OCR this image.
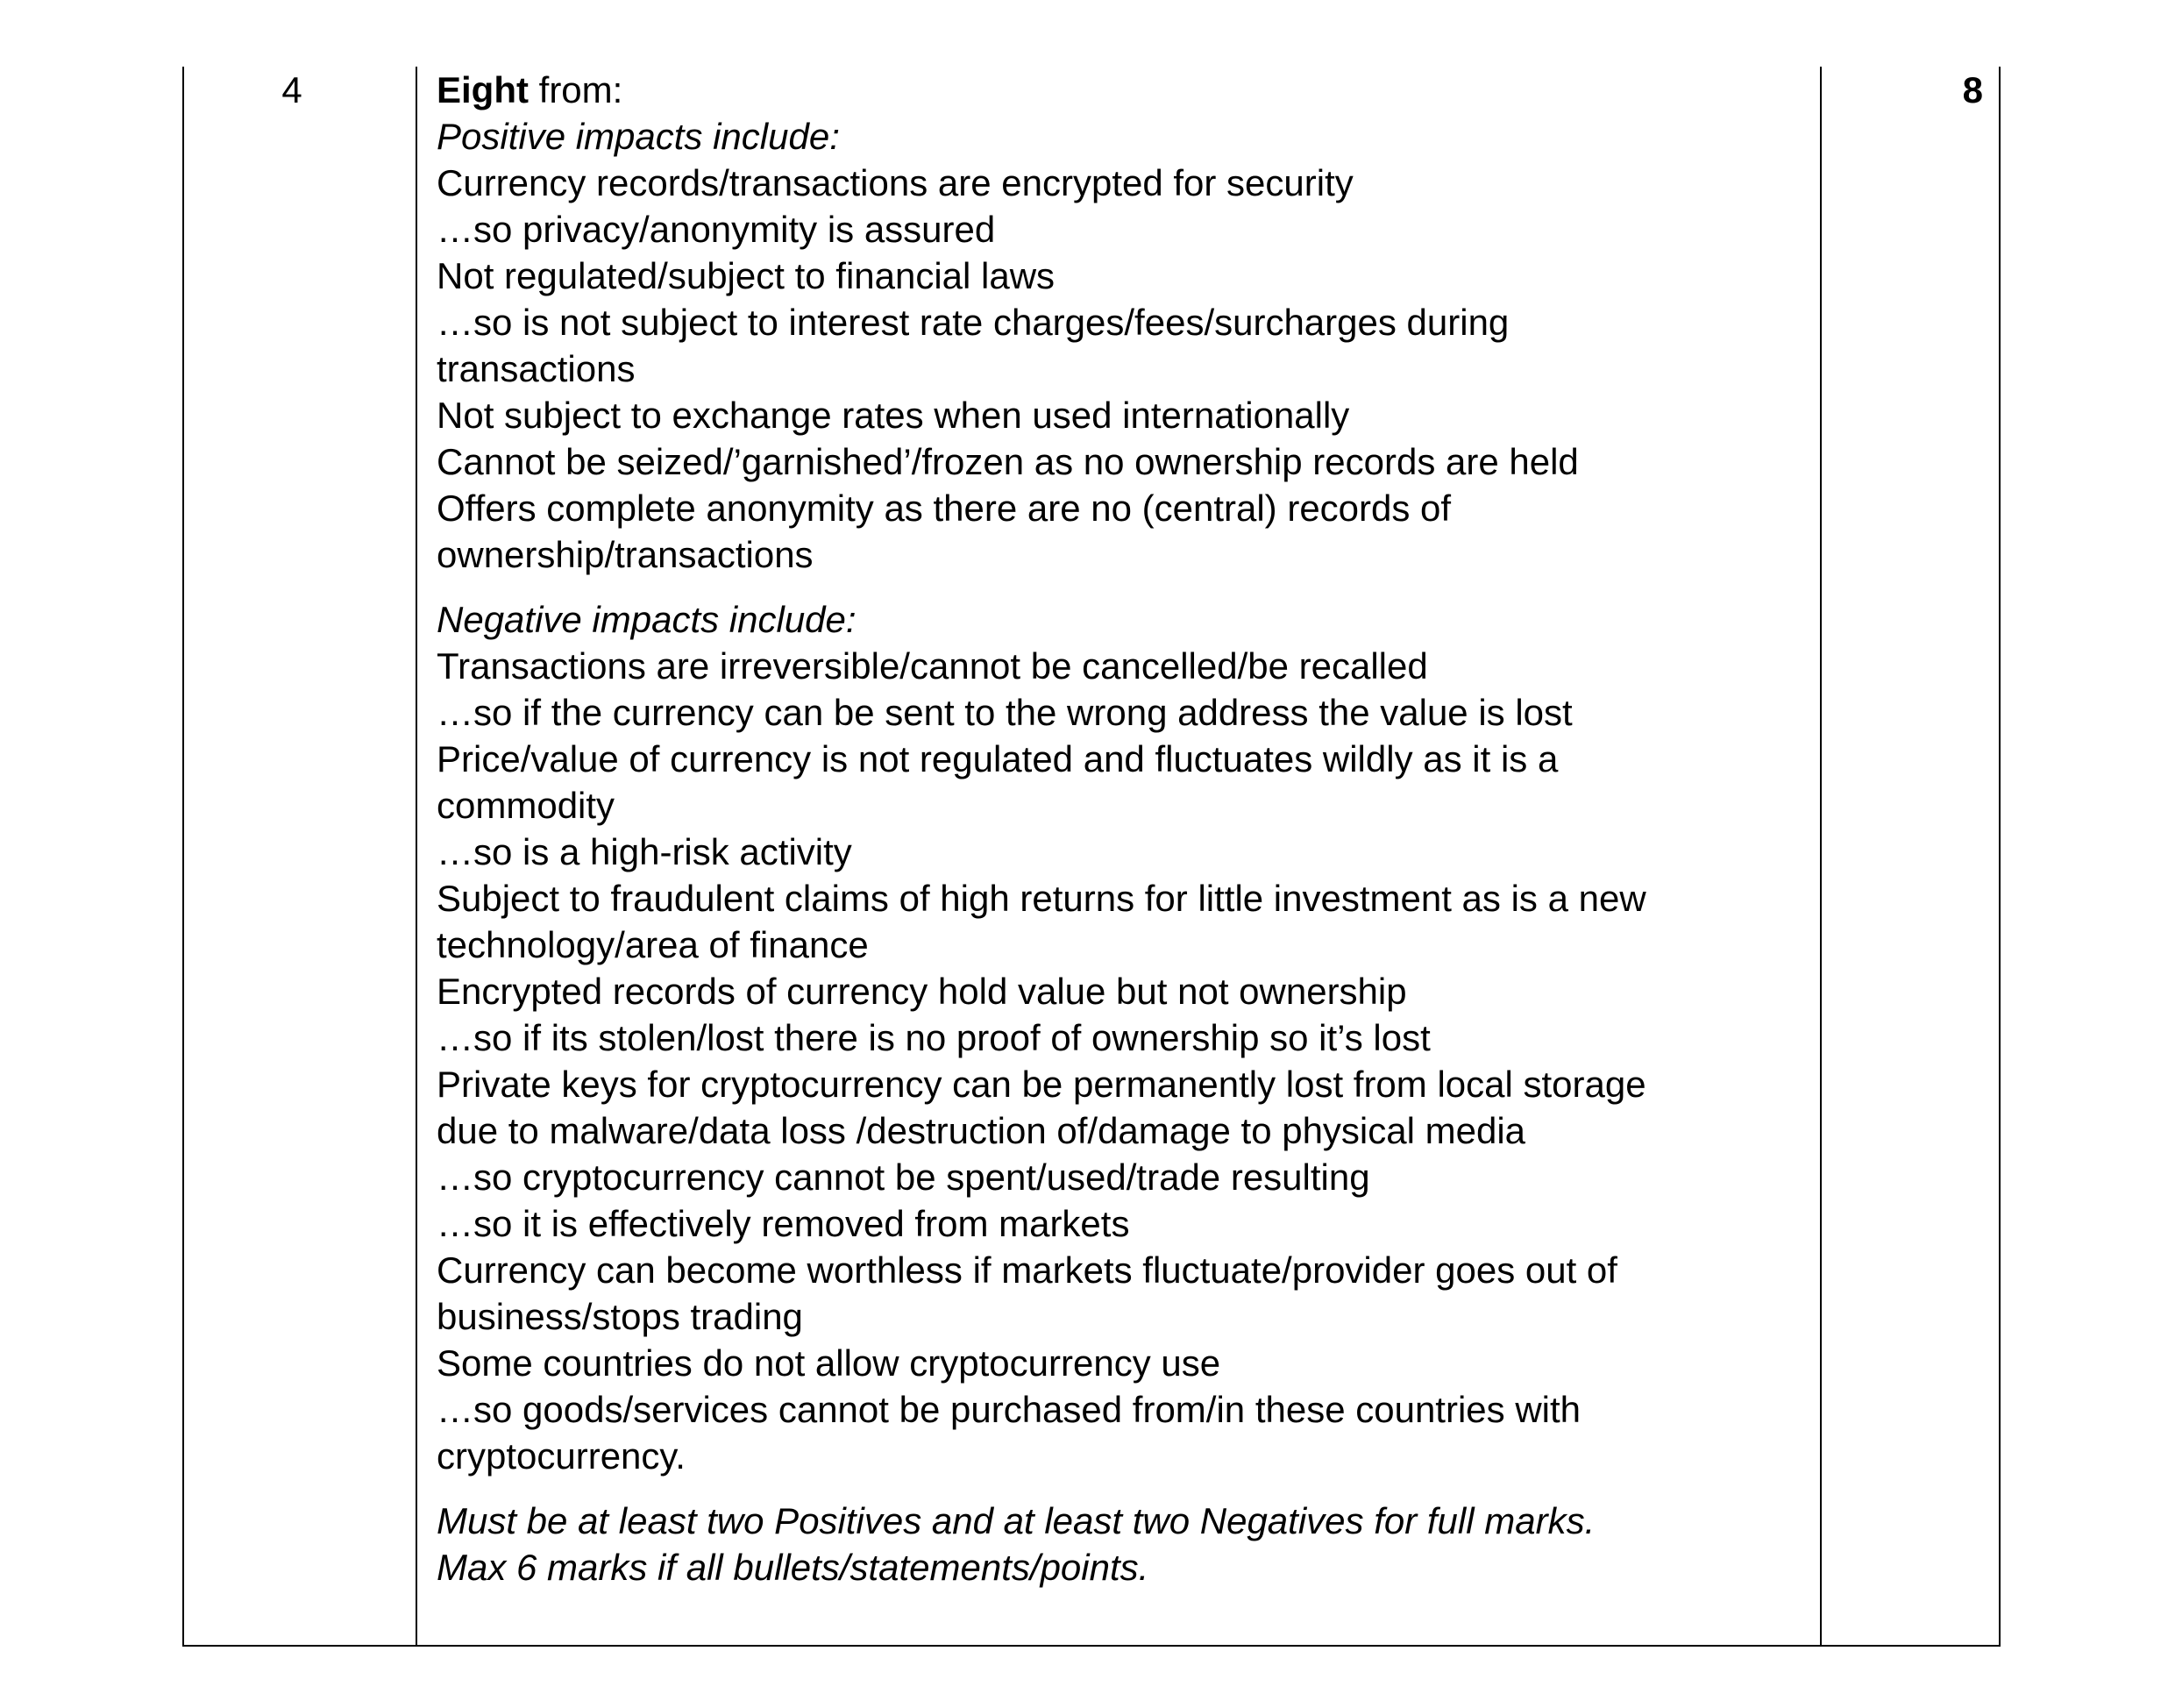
4	Eight from:

Positive impacts include:

Currency records/transactions are encrypted for security

…so privacy/anonymity is assured

Not regulated/subject to financial laws

…so is not subject to interest rate charges/fees/surcharges during

transactions

Not subject to exchange rates when used internationally

Cannot be seized/’garnished’/frozen as no ownership records are held

Offers complete anonymity as there are no (central) records of

ownership/transactions

Negative impacts include:

Transactions are irreversible/cannot be cancelled/be recalled

…so if the currency can be sent to the wrong address the value is lost

Price/value of currency is not regulated and fluctuates wildly as it is a

commodity

…so is a high-risk activity

Subject to fraudulent claims of high returns for little investment as is a new

technology/area of finance

Encrypted records of currency hold value but not ownership

…so if its stolen/lost there is no proof of ownership so it’s lost

Private keys for cryptocurrency can be permanently lost from local storage

due to malware/data loss /destruction of/damage to physical media

…so cryptocurrency cannot be spent/used/trade resulting

…so it is effectively removed from markets

Currency can become worthless if markets fluctuate/provider goes out of

business/stops trading

Some countries do not allow cryptocurrency use

…so goods/services cannot be purchased from/in these countries with

cryptocurrency.

Must be at least two Positives and at least two Negatives for full marks.

Max 6 marks if all bullets/statements/points.

8
